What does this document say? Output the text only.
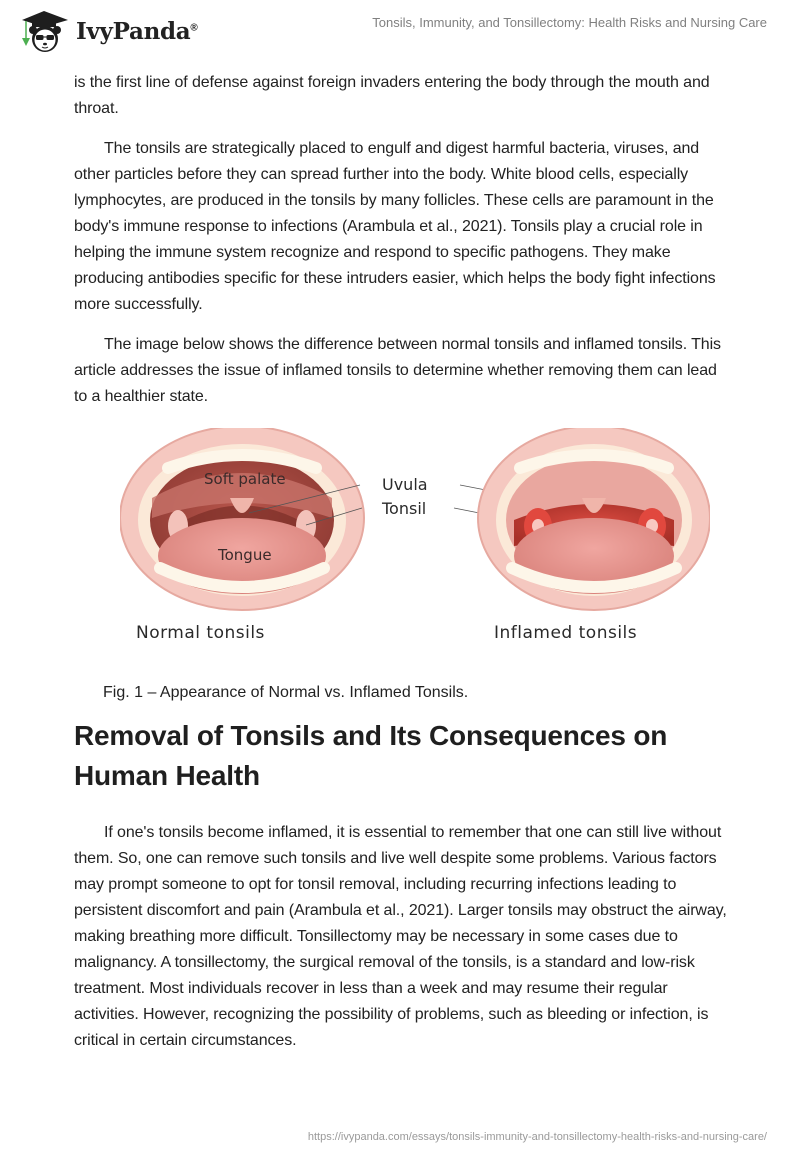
IvyPanda®	Tonsils, Immunity, and Tonsillectomy: Health Risks and Nursing Care

is the first line of defense against foreign invaders entering the body through the mouth and throat.

The tonsils are strategically placed to engulf and digest harmful bacteria, viruses, and other particles before they can spread further into the body. White blood cells, especially lymphocytes, are produced in the tonsils by many follicles. These cells are paramount in the body's immune response to infections (Arambula et al., 2021). Tonsils play a crucial role in helping the immune system recognize and respond to specific pathogens. They make producing antibodies specific for these intruders easier, which helps the body fight infections more successfully.

The image below shows the difference between normal tonsils and inflamed tonsils. This article addresses the issue of inflamed tonsils to determine whether removing them can lead to a healthier state.

Soft palate
Tongue
Uvula
Tonsil
Normal tonsils	Inflamed tonsils
Fig. 1 – Appearance of Normal vs. Inflamed Tonsils.
Removal of Tonsils and Its Consequences on Human Health

If one's tonsils become inflamed, it is essential to remember that one can still live without them. So, one can remove such tonsils and live well despite some problems. Various factors may prompt someone to opt for tonsil removal, including recurring infections leading to persistent discomfort and pain (Arambula et al., 2021). Larger tonsils may obstruct the airway, making breathing more difficult. Tonsillectomy may be necessary in some cases due to malignancy. A tonsillectomy, the surgical removal of the tonsils, is a standard and low-risk treatment. Most individuals recover in less than a week and may resume their regular activities. However, recognizing the possibility of problems, such as bleeding or infection, is critical in certain circumstances.

https://ivypanda.com/essays/tonsils-immunity-and-tonsillectomy-health-risks-and-nursing-care/
